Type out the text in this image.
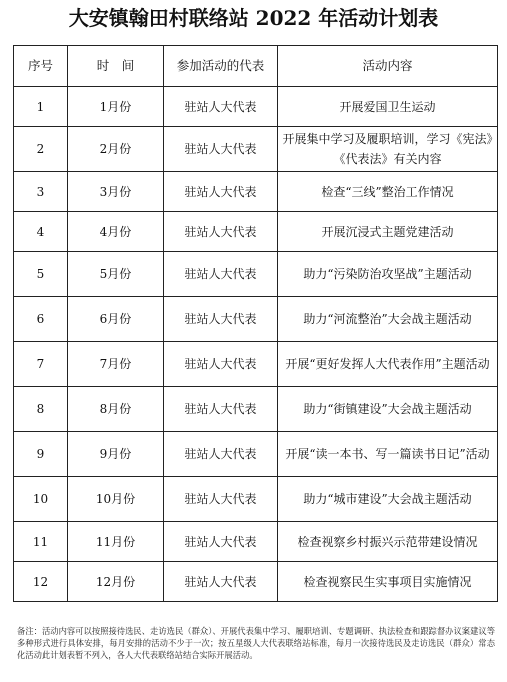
大安镇翰田村联络站 2022 年活动计划表
序号	时　间	参加活动的代表	活动内容
1	1月份	驻站人大代表	开展爱国卫生运动
2	2月份	驻站人大代表	开展集中学习及履职培训，学习《宪法》《代表法》有关内容
3	3月份	驻站人大代表	检查“三线”整治工作情况
4	4月份	驻站人大代表	开展沉浸式主题党建活动
5	5月份	驻站人大代表	助力“污染防治攻坚战”主题活动
6	6月份	驻站人大代表	助力“河流整治”大会战主题活动
7	7月份	驻站人大代表	开展“更好发挥人大代表作用”主题活动
8	8月份	驻站人大代表	助力“街镇建设”大会战主题活动
9	9月份	驻站人大代表	开展“读一本书、写一篇读书日记”活动
10	10月份	驻站人大代表	助力“城市建设”大会战主题活动
11	11月份	驻站人大代表	检查视察乡村振兴示范带建设情况
12	12月份	驻站人大代表	检查视察民生实事项目实施情况
备注：活动内容可以按照接待选民、走访选民（群众）、开展代表集中学习、履职培训、专题调研、执法检查和跟踪督办议案建议等多种形式进行具体安排，每月安排的活动不少于一次；按五星级人大代表联络站标准，每月一次接待选民及走访选民（群众）常态化活动此计划表暂不列入，各人大代表联络站结合实际开展活动。
